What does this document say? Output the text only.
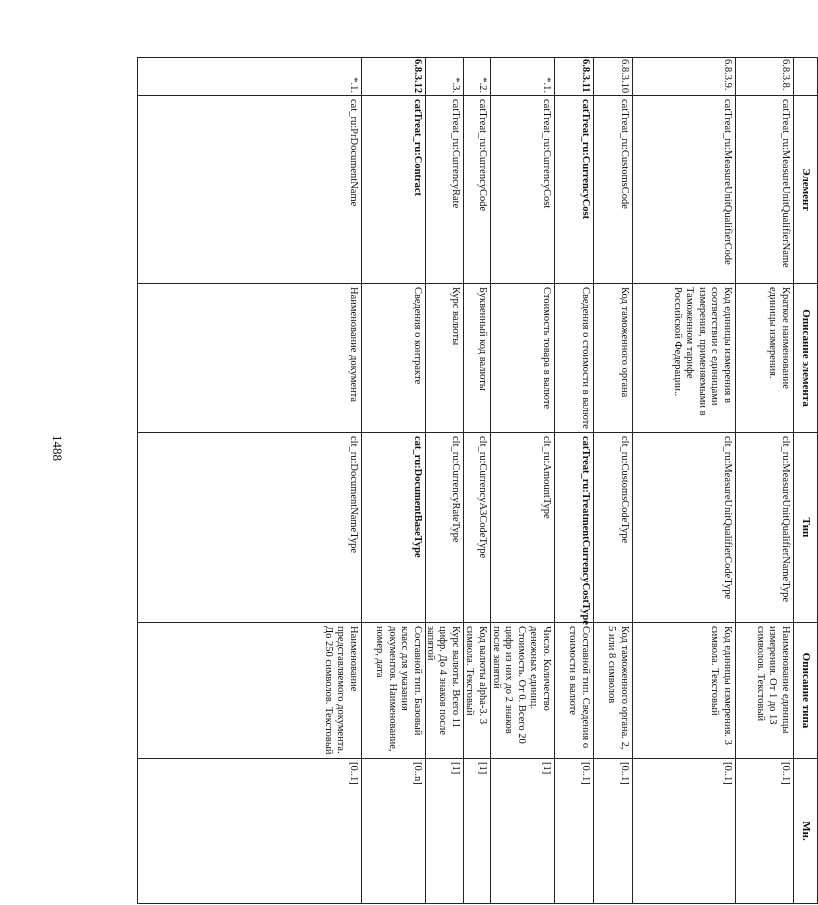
1488
Элемент
Описание элемента
Тип
Описание типа
Мн.
6.8.3.8.
catTreat_ru:MeasureUnitQualifierName
Краткое наименование единицы измерения.
clt_ru:MeasureUnitQualifierNameType
Наименование единицы измерения. От 1 до 13 символов. Текстовый
[0..1]
6.8.3.9.
catTreat_ru:MeasureUnitQualifierCode
Код единицы измерения в соответствии с единицами измерения, применяемыми в Таможенном тарифе Российской Федерации..
clt_ru:MeasureUnitQualifierCodeType
Код единицы измерения. 3 символа. Текстовый
[0..1]
6.8.3.10
catTreat_ru:CustomsCode
Код таможенного органа
clt_ru:CustomsCodeType
Код таможенного органа. 2, 5 или 8 символов
[0..1]
6.8.3.11
catTreat_ru:CurrencyCost
Сведения о стоимости в валюте
catTreat_ru:TreatmentCurrencyCostType
Составной тип. Сведения о стоимости в валюте
[0..1]
*.1.
catTreat_ru:CurrencyCost
Стоимость товара в валюте
clt_ru:AmountType
Число. Количество денежных единиц. Стоимость. От 0. Всего 20 цифр из них до 2 знаков после запятой
[1]
*.2.
catTreat_ru:CurrencyCode
Буквенный код валюты
clt_ru:CurrencyA3CodeType
Код валюты alpha-3. 3 символа. Текстовый
[1]
*.3.
catTreat_ru:CurrencyRate
Курс валюты
clt_ru:CurrencyRateType
Курс валюты. Всего 11 цифр. До 4 знаков после запятой
[1]
6.8.3.12
catTreat_ru:Contract
Сведения о контракте
cat_ru:DocumentBaseType
Составной тип. Базовый класс для указания документов. Наименование, номер, дата
[0..n]
*.1.
cat_ru:PrDocumentName
Наименование документа
clt_ru:DocumentNameType
Наименование представляемого документа. До 250 символов. Текстовый
[0..1]
